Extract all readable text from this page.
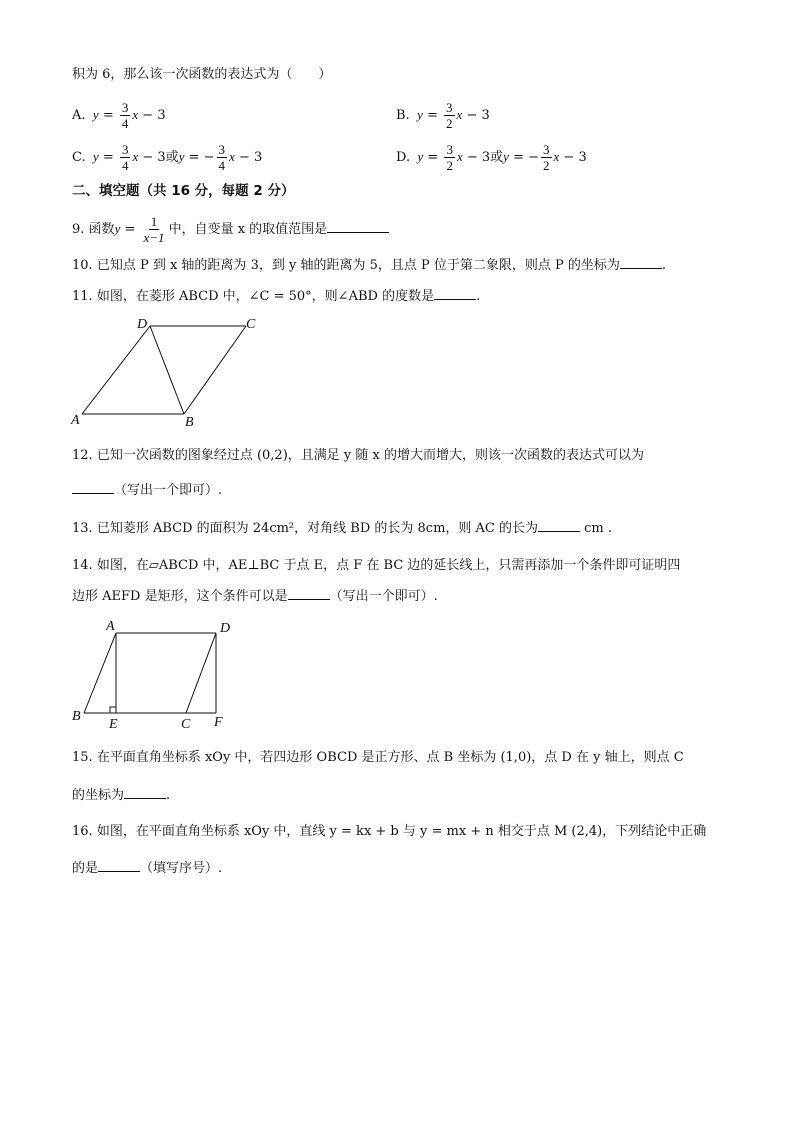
积为 6，那么该一次函数的表达式为（　　）
A.  $y = \frac{3}{4}$ x − 3	B.  $y = \frac{3}{2}$ x − 3
C.  $y = \frac{3}{4}$ x − 3或y = − $\frac{3}{4}$ x − 3	D.  $y = \frac{3}{2}$ x − 3或y = − $\frac{3}{2}$ x − 3
二、填空题（共 16 分，每题 2 分）
9. 函数$y = \frac{1}{x-1}$ 中，自变量 x 的取值范围是
10. 已知点 P 到 x 轴的距离为 3，到 y 轴的距离为 5，且点 P 位于第二象限，则点 P 的坐标为	.
11. 如图，在菱形 ABCD 中，∠C = 50°，则∠ABD 的度数是	.
A	B
C
D
12. 已知一次函数的图象经过点 (0,2)，且满足 y 随 x 的增大而增大，则该一次函数的表达式可以为
（写出一个即可）.
13. 已知菱形 ABCD 的面积为 24cm²，对角线 BD 的长为 8cm，则 AC 的长为	cm .
14. 如图，在▱ABCD 中，AE⊥BC 于点 E，点 F 在 BC 边的延长线上，只需再添加一个条件即可证明四
边形 AEFD 是矩形，这个条件可以是	（写出一个即可）.
A
B
C
D
E	F
15. 在平面直角坐标系 xOy 中，若四边形 OBCD 是正方形、点 B 坐标为 (1,0)，点 D 在 y 轴上，则点 C
的坐标为	.
16. 如图，在平面直角坐标系 xOy 中，直线 y = kx + b 与 y = mx + n 相交于点 M (2,4)，下列结论中正确
的是	（填写序号）.
